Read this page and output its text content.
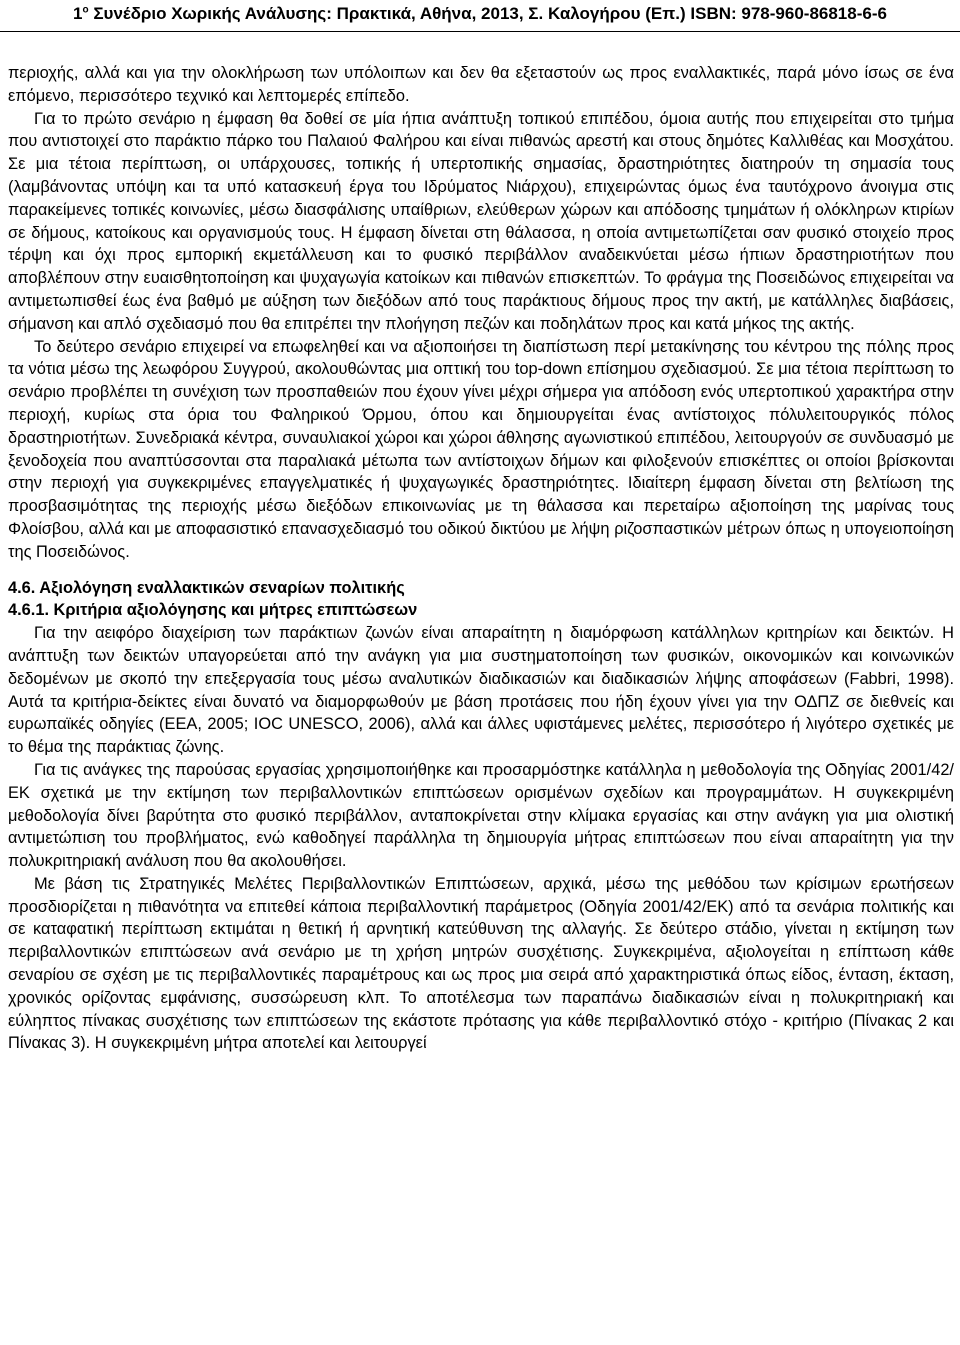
$1^o$ Συνέδριο Χωρικής Ανάλυσης: Πρακτικά, Αθήνα, 2013, Σ. Καλογήρου (Επ.) ISBN: 978-960-86818-6-6

περιοχής, αλλά και για την ολοκλήρωση των υπόλοιπων και δεν θα εξεταστούν ως προς εναλλακτικές, παρά μόνο ίσως σε ένα επόμενο, περισσότερο τεχνικό και λεπτομερές επίπεδο.

Για το πρώτο σενάριο η έμφαση θα δοθεί σε μία ήπια ανάπτυξη τοπικού επιπέδου, όμοια αυτής που επιχειρείται στο τμήμα που αντιστοιχεί στο παράκτιο πάρκο του Παλαιού Φαλήρου και είναι πιθανώς αρεστή και στους δημότες Καλλιθέας και Μοσχάτου. Σε μια τέτοια περίπτωση, οι υπάρχουσες, τοπικής ή υπερτοπικής σημασίας, δραστηριότητες διατηρούν τη σημασία τους (λαμβάνοντας υπόψη και τα υπό κατασκευή έργα του Ιδρύματος Νιάρχου), επιχειρώντας όμως ένα ταυτόχρονο άνοιγμα στις παρακείμενες τοπικές κοινωνίες, μέσω διασφάλισης υπαίθριων, ελεύθερων χώρων και απόδοσης τμημάτων ή ολόκληρων κτιρίων σε δήμους, κατοίκους και οργανισμούς τους. Η έμφαση δίνεται στη θάλασσα, η οποία αντιμετωπίζεται σαν φυσικό στοιχείο προς τέρψη και όχι προς εμπορική εκμετάλλευση και το φυσικό περιβάλλον αναδεικνύεται μέσω ήπιων δραστηριοτήτων που αποβλέπουν στην ευαισθητοποίηση και ψυχαγωγία κατοίκων και πιθανών επισκεπτών. Το φράγμα της Ποσειδώνος επιχειρείται να αντιμετωπισθεί έως ένα βαθμό με αύξηση των διεξόδων από τους παράκτιους δήμους προς την ακτή, με κατάλληλες διαβάσεις, σήμανση και απλό σχεδιασμό που θα επιτρέπει την πλοήγηση πεζών και ποδηλάτων προς και κατά μήκος της ακτής.

Το δεύτερο σενάριο επιχειρεί να επωφεληθεί και να αξιοποιήσει τη διαπίστωση περί μετακίνησης του κέντρου της πόλης προς τα νότια μέσω της λεωφόρου Συγγρού, ακολουθώντας μια οπτική του top-down επίσημου σχεδιασμού. Σε μια τέτοια περίπτωση το σενάριο προβλέπει τη συνέχιση των προσπαθειών που έχουν γίνει μέχρι σήμερα για απόδοση ενός υπερτοπικού χαρακτήρα στην περιοχή, κυρίως στα όρια του Φαληρικού Όρμου, όπου και δημιουργείται ένας αντίστοιχος πόλυλειτουργικός πόλος δραστηριοτήτων. Συνεδριακά κέντρα, συναυλιακοί χώροι και χώροι άθλησης αγωνιστικού επιπέδου, λειτουργούν σε συνδυασμό με ξενοδοχεία που αναπτύσσονται στα παραλιακά μέτωπα των αντίστοιχων δήμων και φιλοξενούν επισκέπτες οι οποίοι βρίσκονται στην περιοχή για συγκεκριμένες επαγγελματικές ή ψυχαγωγικές δραστηριότητες. Ιδιαίτερη έμφαση δίνεται στη βελτίωση της προσβασιμότητας της περιοχής μέσω διεξόδων επικοινωνίας με τη θάλασσα και περεταίρω αξιοποίηση της μαρίνας τους Φλοίσβου, αλλά και με αποφασιστικό επανασχεδιασμό του οδικού δικτύου με λήψη ριζοσπαστικών μέτρων όπως η υπογειοποίηση της Ποσειδώνος.

4.6. Αξιολόγηση εναλλακτικών σεναρίων πολιτικής

4.6.1. Κριτήρια αξιολόγησης και μήτρες επιπτώσεων

Για την αειφόρο διαχείριση των παράκτιων ζωνών είναι απαραίτητη η διαμόρφωση κατάλληλων κριτηρίων και δεικτών. Η ανάπτυξη των δεικτών υπαγορεύεται από την ανάγκη για μια συστηματοποίηση των φυσικών, οικονομικών και κοινωνικών δεδομένων με σκοπό την επεξεργασία τους μέσω αναλυτικών διαδικασιών και διαδικασιών λήψης αποφάσεων (Fabbri, 1998). Αυτά τα κριτήρια-δείκτες είναι δυνατό να διαμορφωθούν με βάση προτάσεις που ήδη έχουν γίνει για την ΟΔΠΖ σε διεθνείς και ευρωπαϊκές οδηγίες (EEA, 2005; IOC UNESCO, 2006), αλλά και άλλες υφιστάμενες μελέτες, περισσότερο ή λιγότερο σχετικές με το θέμα της παράκτιας ζώνης.

Για τις ανάγκες της παρούσας εργασίας χρησιμοποιήθηκε και προσαρμόστηκε κατάλληλα η μεθοδολογία της Οδηγίας 2001/42/ΕΚ σχετικά με την εκτίμηση των περιβαλλοντικών επιπτώσεων ορισμένων σχεδίων και προγραμμάτων. Η συγκεκριμένη μεθοδολογία δίνει βαρύτητα στο φυσικό περιβάλλον, ανταποκρίνεται στην κλίμακα εργασίας και στην ανάγκη για μια ολιστική αντιμετώπιση του προβλήματος, ενώ καθοδηγεί παράλληλα τη δημιουργία μήτρας επιπτώσεων που είναι απαραίτητη για την πολυκριτηριακή ανάλυση που θα ακολουθήσει.

Με βάση τις Στρατηγικές Μελέτες Περιβαλλοντικών Επιπτώσεων, αρχικά, μέσω της μεθόδου των κρίσιμων ερωτήσεων προσδιορίζεται η πιθανότητα να επιτεθεί κάποια περιβαλλοντική παράμετρος (Οδηγία 2001/42/ΕΚ) από τα σενάρια πολιτικής και σε καταφατική περίπτωση εκτιμάται η θετική ή αρνητική κατεύθυνση της αλλαγής. Σε δεύτερο στάδιο, γίνεται η εκτίμηση των περιβαλλοντικών επιπτώσεων ανά σενάριο με τη χρήση μητρών συσχέτισης. Συγκεκριμένα, αξιολογείται η επίπτωση κάθε σεναρίου σε σχέση με τις περιβαλλοντικές παραμέτρους και ως προς μια σειρά από χαρακτηριστικά όπως είδος, ένταση, έκταση, χρονικός ορίζοντας εμφάνισης, συσσώρευση κλπ. Το αποτέλεσμα των παραπάνω διαδικασιών είναι η πολυκριτηριακή και εύληπτος πίνακας συσχέτισης των επιπτώσεων της εκάστοτε πρότασης για κάθε περιβαλλοντικό στόχο - κριτήριο (Πίνακας 2 και Πίνακας 3). Η συγκεκριμένη μήτρα αποτελεί και λειτουργεί
